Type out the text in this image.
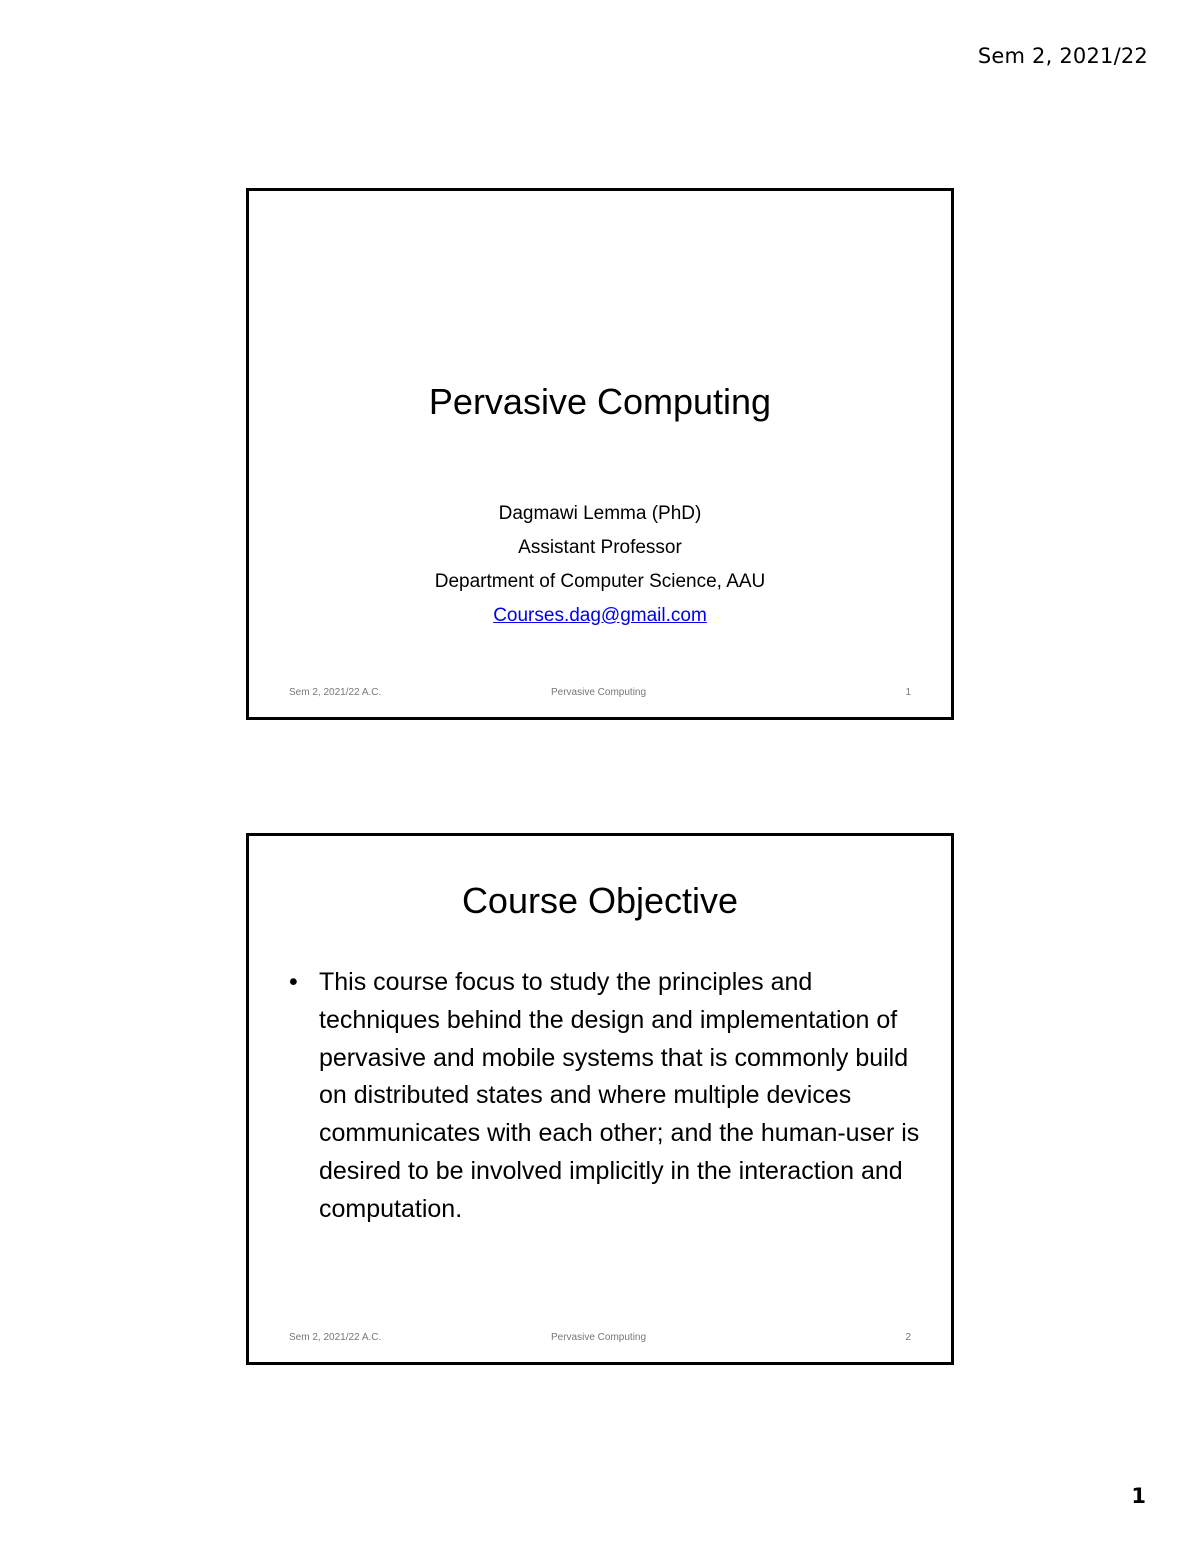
Sem 2, 2021/22
Pervasive Computing
Dagmawi Lemma (PhD)
Assistant Professor
Department of Computer Science, AAU
Courses.dag@gmail.com
Sem 2, 2021/22 A.C.	Pervasive Computing	1
Course Objective
• This course focus to study the principles and techniques behind the design and implementation of pervasive and mobile systems that is commonly build on distributed states and where multiple devices communicates with each other; and the human-user is desired to be involved implicitly in the interaction and computation.
Sem 2, 2021/22 A.C.	Pervasive Computing	2
1
